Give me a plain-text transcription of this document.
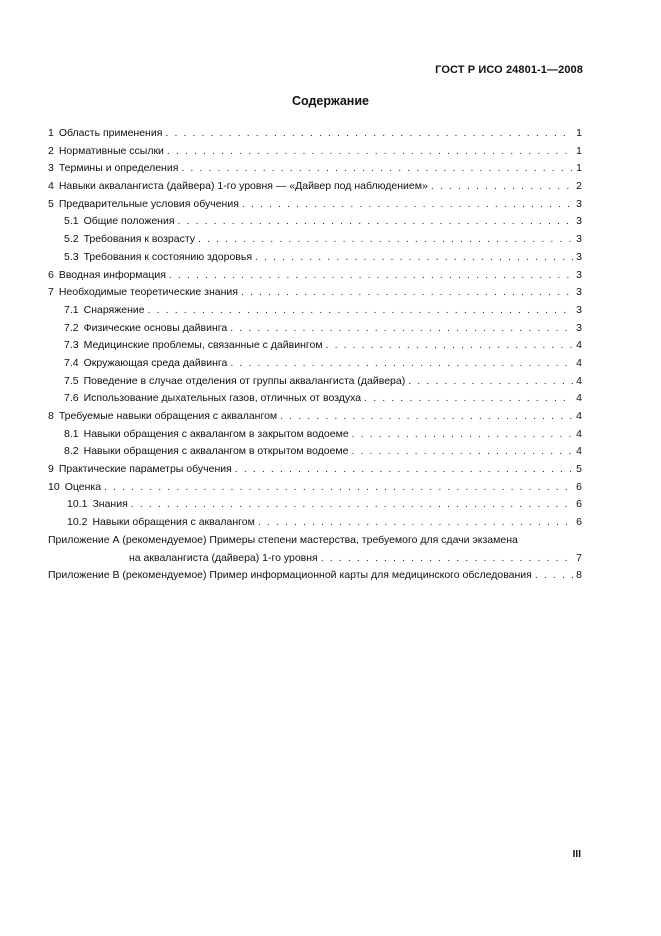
ГОСТ Р ИСО 24801-1—2008
Содержание
1 Область применения . . .	1
2 Нормативные ссылки . . .	1
3 Термины и определения . . .	1
4 Навыки аквалангиста (дайвера) 1-го уровня — «Дайвер под наблюдением» . . .	2
5 Предварительные условия обучения . . .	3
5.1 Общие положения . . .	3
5.2 Требования к возрасту . . .	3
5.3 Требования к состоянию здоровья . . .	3
6 Вводная информация . . .	3
7 Необходимые теоретические знания . . .	3
7.1 Снаряжение . . .	3
7.2 Физические основы дайвинга . . .	3
7.3 Медицинские проблемы, связанные с дайвингом . . .	4
7.4 Окружающая среда дайвинга . . .	4
7.5 Поведение в случае отделения от группы аквалангиста (дайвера) . . .	4
7.6 Использование дыхательных газов, отличных от воздуха . . .	4
8 Требуемые навыки обращения с аквалангом . . .	4
8.1 Навыки обращения с аквалангом в закрытом водоеме . . .	4
8.2 Навыки обращения с аквалангом в открытом водоеме . . .	4
9 Практические параметры обучения . . .	5
10 Оценка . . .	6
10.1 Знания . . .	6
10.2 Навыки обращения с аквалангом . . .	6
Приложение А (рекомендуемое) Примеры степени мастерства, требуемого для сдачи экзамена
на аквалангиста (дайвера) 1-го уровня . . .	7
Приложение В (рекомендуемое) Пример информационной карты для медицинского обследования . . .	8
III
